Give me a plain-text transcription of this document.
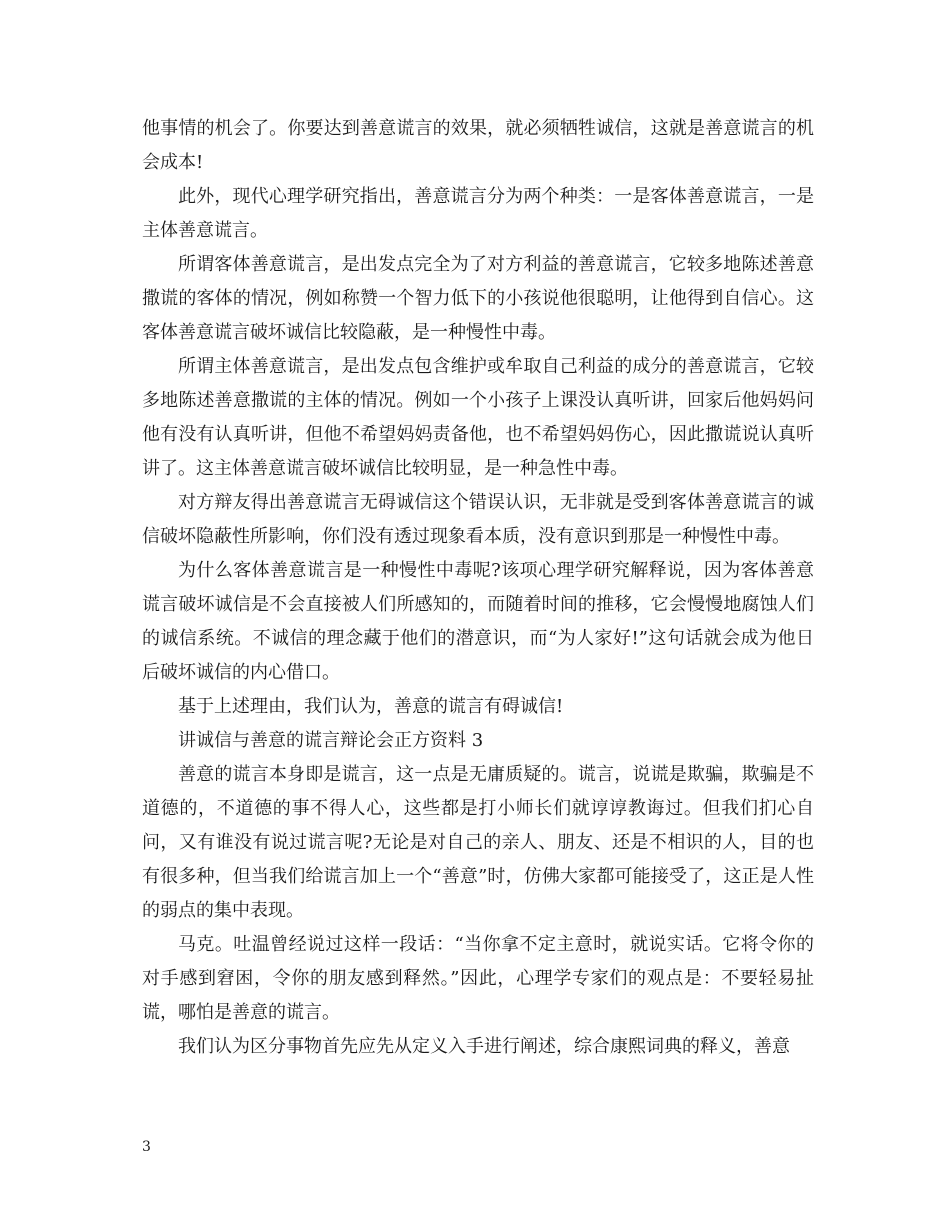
他事情的机会了。你要达到善意谎言的效果，就必须牺牲诚信，这就是善意谎言的机会成本!

此外，现代心理学研究指出，善意谎言分为两个种类：一是客体善意谎言，一是主体善意谎言。

所谓客体善意谎言，是出发点完全为了对方利益的善意谎言，它较多地陈述善意撒谎的客体的情况，例如称赞一个智力低下的小孩说他很聪明，让他得到自信心。这客体善意谎言破坏诚信比较隐蔽，是一种慢性中毒。

所谓主体善意谎言，是出发点包含维护或牟取自己利益的成分的善意谎言，它较多地陈述善意撒谎的主体的情况。例如一个小孩子上课没认真听讲，回家后他妈妈问他有没有认真听讲，但他不希望妈妈责备他，也不希望妈妈伤心，因此撒谎说认真听讲了。这主体善意谎言破坏诚信比较明显，是一种急性中毒。

对方辩友得出善意谎言无碍诚信这个错误认识，无非就是受到客体善意谎言的诚信破坏隐蔽性所影响，你们没有透过现象看本质，没有意识到那是一种慢性中毒。

为什么客体善意谎言是一种慢性中毒呢?该项心理学研究解释说，因为客体善意谎言破坏诚信是不会直接被人们所感知的，而随着时间的推移，它会慢慢地腐蚀人们的诚信系统。不诚信的理念藏于他们的潜意识，而“为人家好!”这句话就会成为他日后破坏诚信的内心借口。

基于上述理由，我们认为，善意的谎言有碍诚信!

讲诚信与善意的谎言辩论会正方资料 3

善意的谎言本身即是谎言，这一点是无庸质疑的。谎言，说谎是欺骗，欺骗是不道德的，不道德的事不得人心，这些都是打小师长们就谆谆教诲过。但我们扪心自问，又有谁没有说过谎言呢?无论是对自己的亲人、朋友、还是不相识的人，目的也有很多种，但当我们给谎言加上一个“善意”时，仿佛大家都可能接受了，这正是人性的弱点的集中表现。

马克。吐温曾经说过这样一段话：“当你拿不定主意时，就说实话。它将令你的对手感到窘困，令你的朋友感到释然。”因此，心理学专家们的观点是：不要轻易扯谎，哪怕是善意的谎言。

我们认为区分事物首先应先从定义入手进行阐述，综合康熙词典的释义，善意

3
